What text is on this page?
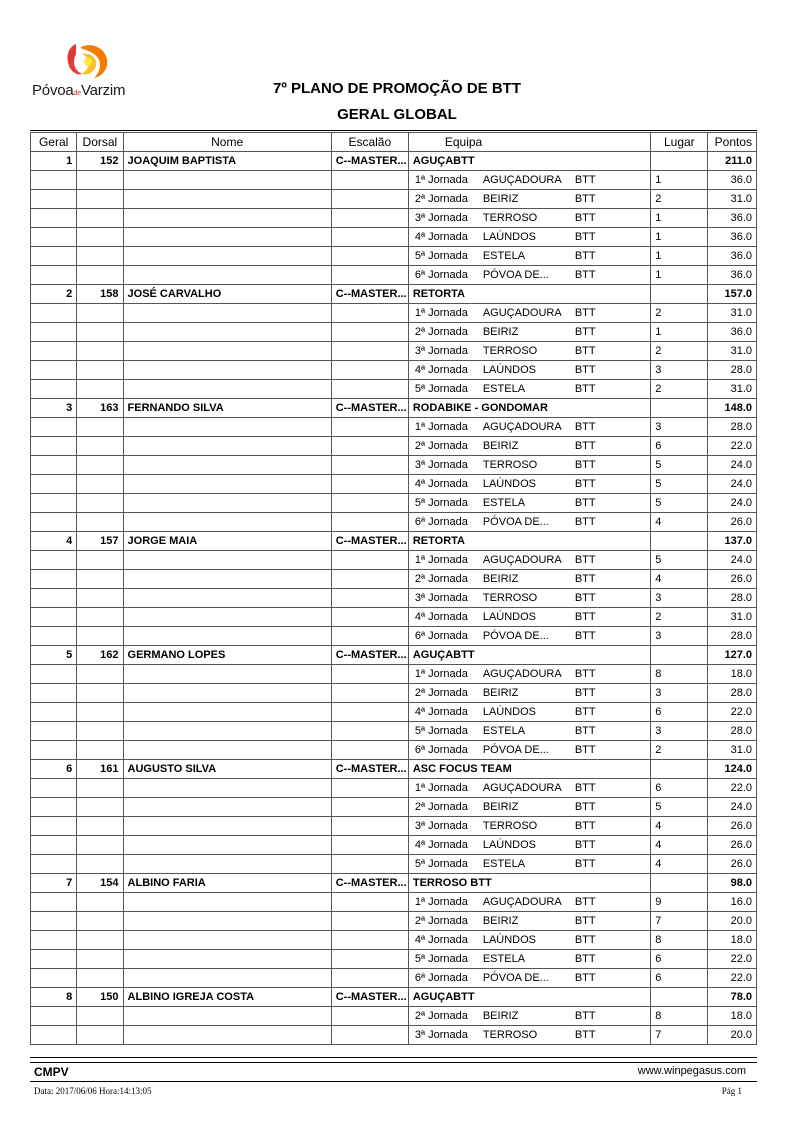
PóvoadeVarzim	7º PLANO DE PROMOÇÃO DE BTT
GERAL GLOBAL
Geral	Dorsal	Nome	Escalão	Equipa	Lugar	Pontos
1	152	JOAQUIM BAPTISTA	C--MASTER...	AGUÇABTT		211.0
				1ª Jornada AGUÇADOURA BTT	1	36.0
				2ª Jornada BEIRIZ BTT	2	31.0
				3ª Jornada TERROSO BTT	1	36.0
				4ª Jornada LAÚNDOS BTT	1	36.0
				5ª Jornada ESTELA BTT	1	36.0
				6ª Jornada PÓVOA DE... BTT	1	36.0
2	158	JOSÉ CARVALHO	C--MASTER...	RETORTA		157.0
				1ª Jornada AGUÇADOURA BTT	2	31.0
				2ª Jornada BEIRIZ BTT	1	36.0
				3ª Jornada TERROSO BTT	2	31.0
				4ª Jornada LAÚNDOS BTT	3	28.0
				5ª Jornada ESTELA BTT	2	31.0
3	163	FERNANDO SILVA	C--MASTER...	RODABIKE - GONDOMAR		148.0
				1ª Jornada AGUÇADOURA BTT	3	28.0
				2ª Jornada BEIRIZ BTT	6	22.0
				3ª Jornada TERROSO BTT	5	24.0
				4ª Jornada LAÚNDOS BTT	5	24.0
				5ª Jornada ESTELA BTT	5	24.0
				6ª Jornada PÓVOA DE... BTT	4	26.0
4	157	JORGE MAIA	C--MASTER...	RETORTA		137.0
				1ª Jornada AGUÇADOURA BTT	5	24.0
				2ª Jornada BEIRIZ BTT	4	26.0
				3ª Jornada TERROSO BTT	3	28.0
				4ª Jornada LAÚNDOS BTT	2	31.0
				6ª Jornada PÓVOA DE... BTT	3	28.0
5	162	GERMANO LOPES	C--MASTER...	AGUÇABTT		127.0
				1ª Jornada AGUÇADOURA BTT	8	18.0
				2ª Jornada BEIRIZ BTT	3	28.0
				4ª Jornada LAÚNDOS BTT	6	22.0
				5ª Jornada ESTELA BTT	3	28.0
				6ª Jornada PÓVOA DE... BTT	2	31.0
6	161	AUGUSTO SILVA	C--MASTER...	ASC FOCUS TEAM		124.0
				1ª Jornada AGUÇADOURA BTT	6	22.0
				2ª Jornada BEIRIZ BTT	5	24.0
				3ª Jornada TERROSO BTT	4	26.0
				4ª Jornada LAÚNDOS BTT	4	26.0
				5ª Jornada ESTELA BTT	4	26.0
7	154	ALBINO FARIA	C--MASTER...	TERROSO BTT		98.0
				1ª Jornada AGUÇADOURA BTT	9	16.0
				2ª Jornada BEIRIZ BTT	7	20.0
				4ª Jornada LAÚNDOS BTT	8	18.0
				5ª Jornada ESTELA BTT	6	22.0
				6ª Jornada PÓVOA DE... BTT	6	22.0
8	150	ALBINO IGREJA COSTA	C--MASTER...	AGUÇABTT		78.0
				2ª Jornada BEIRIZ BTT	8	18.0
				3ª Jornada TERROSO BTT	7	20.0
CMPV	www.winpegasus.com
Data: 2017/06/06 Hora:14:13:05	Pág 1
